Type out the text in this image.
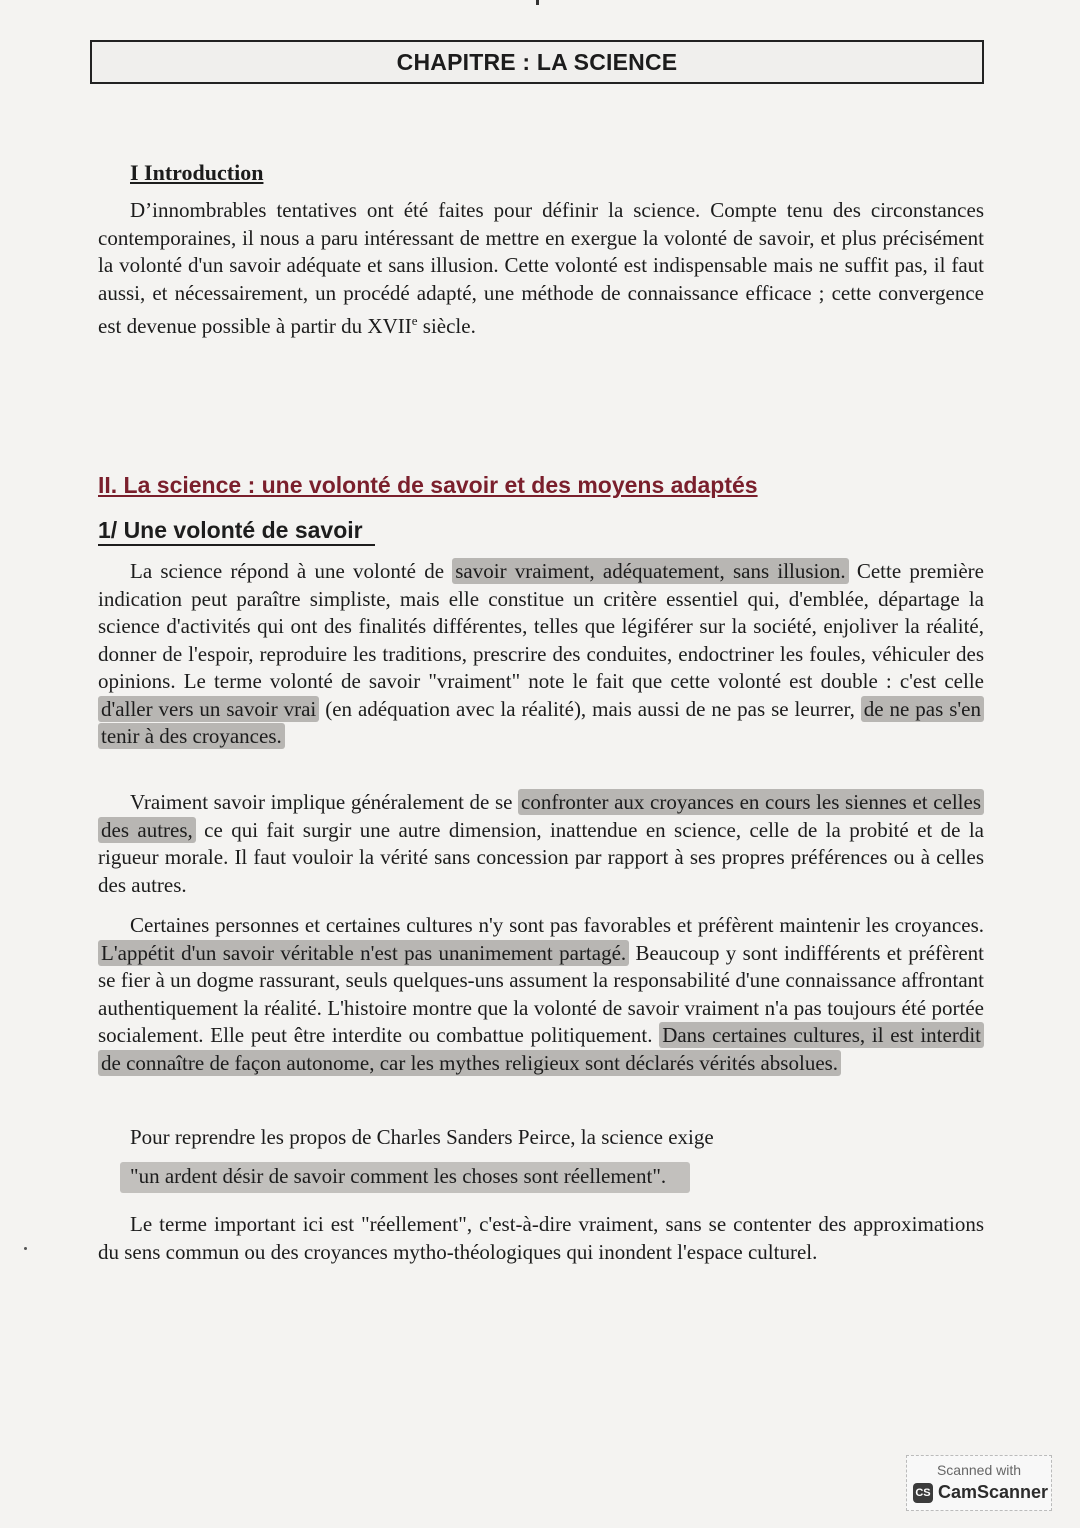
CHAPITRE : LA SCIENCE
I Introduction
D’innombrables tentatives ont été faites pour définir la science. Compte tenu des circonstances contemporaines, il nous a paru intéressant de mettre en exergue la volonté de savoir, et plus précisément la volonté d'un savoir adéquate et sans illusion. Cette volonté est indispensable mais ne suffit pas, il faut aussi, et nécessairement, un procédé adapté, une méthode de connaissance efficace ; cette convergence est devenue possible à partir du XVIIe siècle.
II. La science : une volonté de savoir et des moyens adaptés
1/ Une volonté de savoir
La science répond à une volonté de savoir vraiment, adéquatement, sans illusion. Cette première indication peut paraître simpliste, mais elle constitue un critère essentiel qui, d'emblée, départage la science d'activités qui ont des finalités différentes, telles que légiférer sur la société, enjoliver la réalité, donner de l'espoir, reproduire les traditions, prescrire des conduites, endoctriner les foules, véhiculer des opinions. Le terme volonté de savoir "vraiment" note le fait que cette volonté est double : c'est celle d'aller vers un savoir vrai (en adéquation avec la réalité), mais aussi de ne pas se leurrer, de ne pas s'en tenir à des croyances.
Vraiment savoir implique généralement de se confronter aux croyances en cours les siennes et celles des autres, ce qui fait surgir une autre dimension, inattendue en science, celle de la probité et de la rigueur morale. Il faut vouloir la vérité sans concession par rapport à ses propres préférences ou à celles des autres.
Certaines personnes et certaines cultures n'y sont pas favorables et préfèrent maintenir les croyances. L'appétit d'un savoir véritable n'est pas unanimement partagé. Beaucoup y sont indifférents et préfèrent se fier à un dogme rassurant, seuls quelques-uns assument la responsabilité d'une connaissance affrontant authentiquement la réalité. L'histoire montre que la volonté de savoir vraiment n'a pas toujours été portée socialement. Elle peut être interdite ou combattue politiquement. Dans certaines cultures, il est interdit de connaître de façon autonome, car les mythes religieux sont déclarés vérités absolues.
Pour reprendre les propos de Charles Sanders Peirce, la science exige
"un ardent désir de savoir comment les choses sont réellement".
Le terme important ici est "réellement", c'est-à-dire vraiment, sans se contenter des approximations du sens commun ou des croyances mytho-théologiques qui inondent l'espace culturel.
Scanned with
CS CamScanner
